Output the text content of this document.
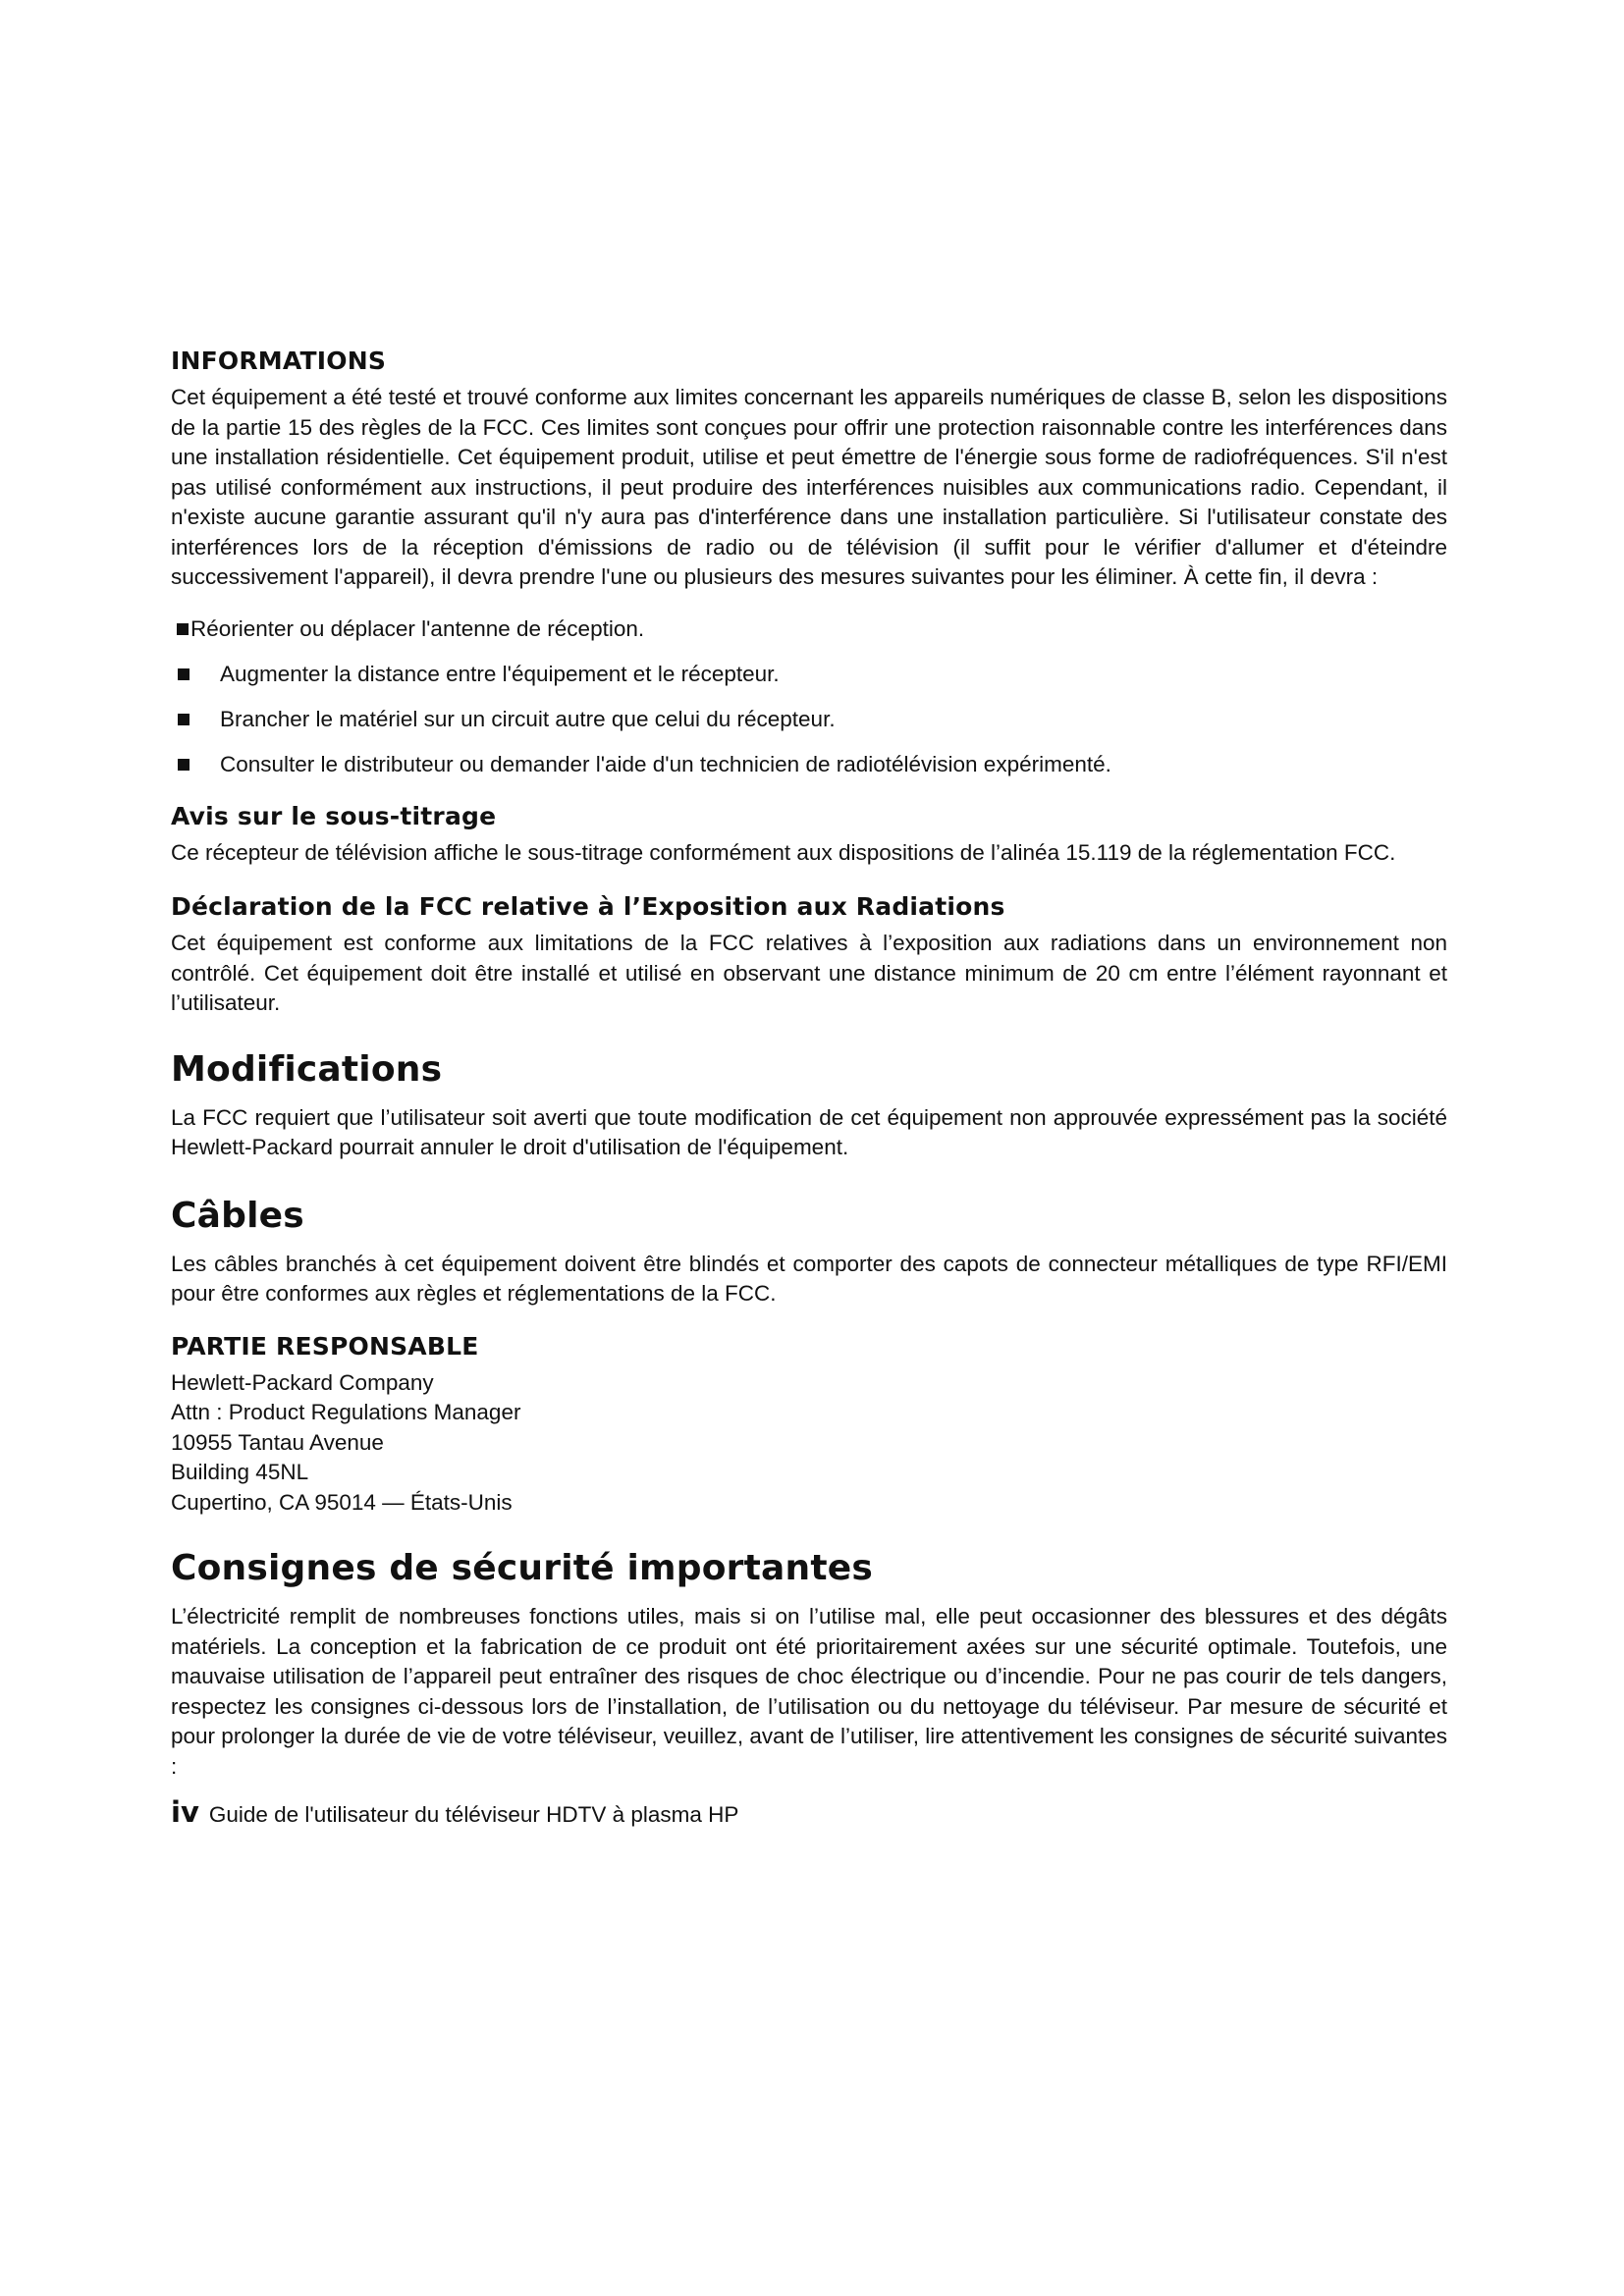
INFORMATIONS

Cet équipement a été testé et trouvé conforme aux limites concernant les appareils numériques de classe B, selon les dispositions de la partie 15 des règles de la FCC. Ces limites sont conçues pour offrir une protection raisonnable contre les interférences dans une installation résidentielle. Cet équipement produit, utilise et peut émettre de l'énergie sous forme de radiofréquences. S'il n'est pas utilisé conformément aux instructions, il peut produire des interférences nuisibles aux communications radio. Cependant, il n'existe aucune garantie assurant qu'il n'y aura pas d'interférence dans une installation particulière. Si l'utilisateur constate des interférences lors de la réception d'émissions de radio ou de télévision (il suffit pour le vérifier d'allumer et d'éteindre successivement l'appareil), il devra prendre l'une ou plusieurs des mesures suivantes pour les éliminer. À cette fin, il devra :

Réorienter ou déplacer l'antenne de réception.
Augmenter la distance entre l'équipement et le récepteur.
Brancher le matériel sur un circuit autre que celui du récepteur.
Consulter le distributeur ou demander l'aide d'un technicien de radiotélévision expérimenté.
Avis sur le sous-titrage

Ce récepteur de télévision affiche le sous-titrage conformément aux dispositions de l’alinéa 15.119 de la réglementation FCC.

Déclaration de la FCC relative à l’Exposition aux Radiations

Cet équipement est conforme aux limitations de la FCC relatives à l’exposition aux radiations dans un environnement non contrôlé. Cet équipement doit être installé et utilisé en observant une distance minimum de 20 cm entre l’élément rayonnant et l’utilisateur.

Modifications

La FCC requiert que l’utilisateur soit averti que toute modification de cet équipement non approuvée expressément pas la société Hewlett-Packard pourrait annuler le droit d'utilisation de l'équipement.

Câbles

Les câbles branchés à cet équipement doivent être blindés et comporter des capots de connecteur métalliques de type RFI/EMI pour être conformes aux règles et réglementations de la FCC.

PARTIE RESPONSABLE

Hewlett-Packard Company

Attn : Product Regulations Manager

10955 Tantau Avenue

Building 45NL

Cupertino, CA 95014 — États-Unis

Consignes de sécurité importantes

L’électricité remplit de nombreuses fonctions utiles, mais si on l’utilise mal, elle peut occasionner des blessures et des dégâts matériels. La conception et la fabrication de ce produit ont été prioritairement axées sur une sécurité optimale. Toutefois, une mauvaise utilisation de l’appareil peut entraîner des risques de choc électrique ou d’incendie. Pour ne pas courir de tels dangers, respectez les consignes ci-dessous lors de l’installation, de l’utilisation ou du nettoyage du téléviseur. Par mesure de sécurité et pour prolonger la durée de vie de votre téléviseur, veuillez, avant de l’utiliser, lire attentivement les consignes de sécurité suivantes :

iv Guide de l'utilisateur du téléviseur HDTV à plasma HP
